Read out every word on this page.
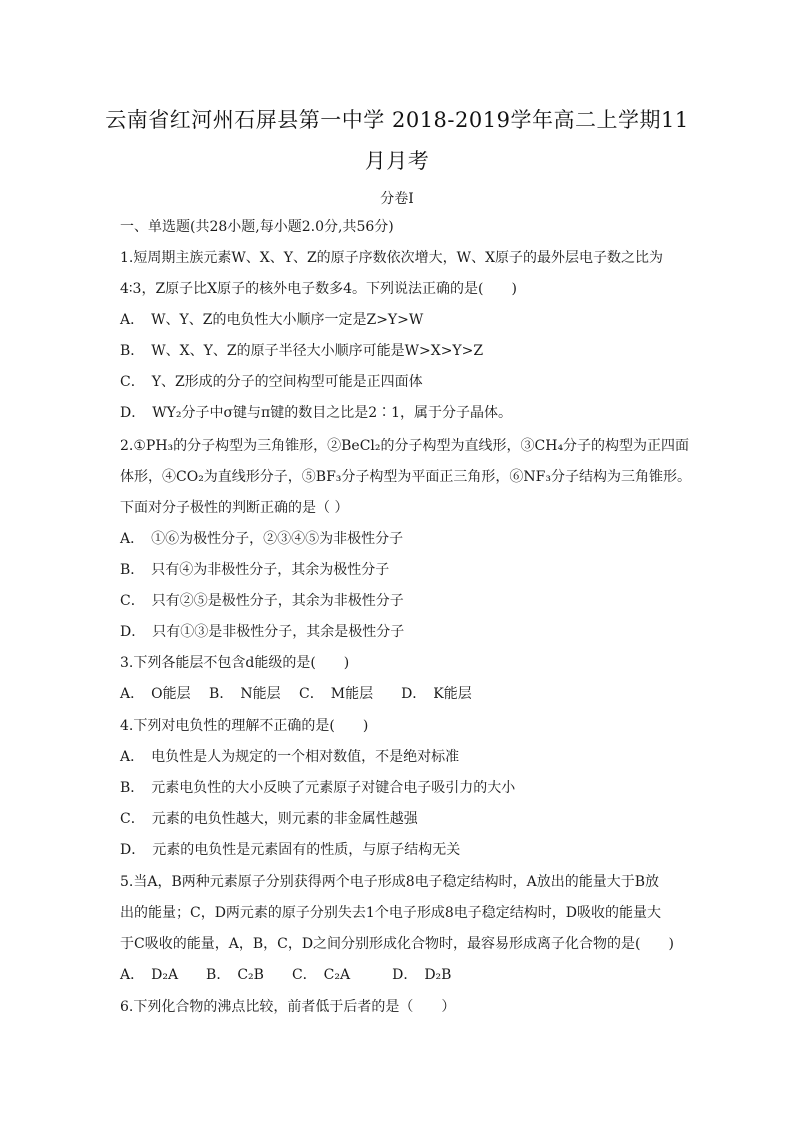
云南省红河州石屏县第一中学 2018-2019学年高二上学期11
月月考
分卷I
一、单选题(共28小题,每小题2.0分,共56分)
1.短周期主族元素W、X、Y、Z的原子序数依次增大，W、X原子的最外层电子数之比为
4∶3，Z原子比X原子的核外电子数多4。下列说法正确的是(　　)
A．　W、Y、Z的电负性大小顺序一定是Z>Y>W
B．　W、X、Y、Z的原子半径大小顺序可能是W>X>Y>Z
C．　Y、Z形成的分子的空间构型可能是正四面体
D．　WY₂分子中σ键与π键的数目之比是2∶1，属于分子晶体。
2.①PH₃的分子构型为三角锥形，②BeCl₂的分子构型为直线形，③CH₄分子的构型为正四面
体形，④CO₂为直线形分子，⑤BF₃分子构型为平面正三角形，⑥NF₃分子结构为三角锥形。
下面对分子极性的判断正确的是（ ）
A．　①⑥为极性分子，②③④⑤为非极性分子
B．　只有④为非极性分子，其余为极性分子
C．　只有②⑤是极性分子，其余为非极性分子
D．　只有①③是非极性分子，其余是极性分子
3.下列各能层不包含d能级的是(　　)
A．　O能层　 B．　N能层　 C．　M能层　　D．　K能层
4.下列对电负性的理解不正确的是(　　)
A．　电负性是人为规定的一个相对数值，不是绝对标准
B．　元素电负性的大小反映了元素原子对键合电子吸引力的大小
C．　元素的电负性越大，则元素的非金属性越强
D．　元素的电负性是元素固有的性质，与原子结构无关
5.当A，B两种元素原子分别获得两个电子形成8电子稳定结构时，A放出的能量大于B放
出的能量；C，D两元素的原子分别失去1个电子形成8电子稳定结构时，D吸收的能量大
于C吸收的能量，A，B，C，D之间分别形成化合物时，最容易形成离子化合物的是(　　)
A．　D₂A　　B．　C₂B　　C．　C₂A　　　D．　D₂B
6.下列化合物的沸点比较，前者低于后者的是（　　）
